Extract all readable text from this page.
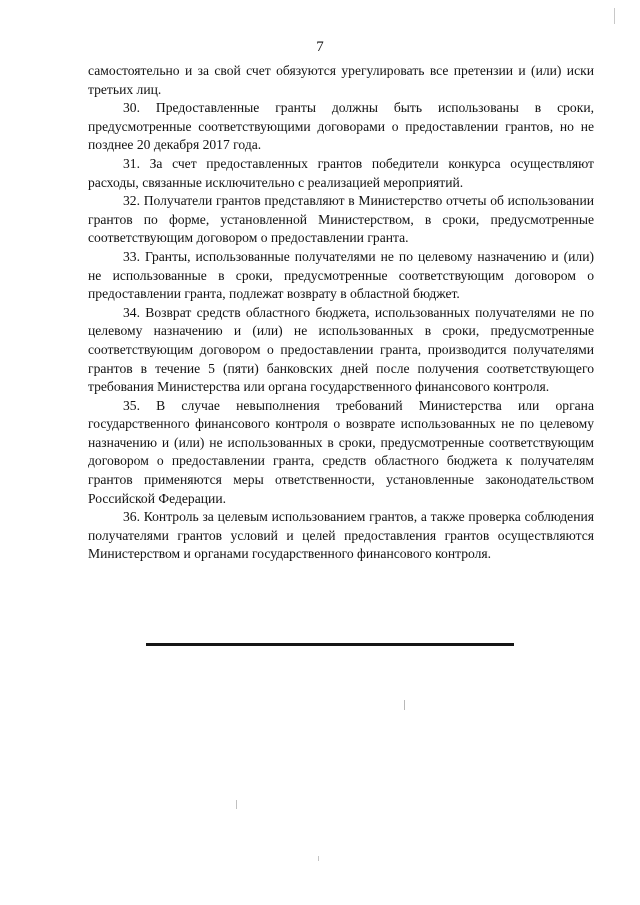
7

самостоятельно и за свой счет обязуются урегулировать все претензии и (или) иски третьих лиц.

30. Предоставленные гранты должны быть использованы в сроки, предусмотренные соответствующими договорами о предоставлении грантов, но не позднее 20 декабря 2017 года.

31. За счет предоставленных грантов победители конкурса осуществляют расходы, связанные исключительно с реализацией мероприятий.

32. Получатели грантов представляют в Министерство отчеты об использовании грантов по форме, установленной Министерством, в сроки, предусмотренные соответствующим договором о предоставлении гранта.

33. Гранты, использованные получателями не по целевому назначению и (или) не использованные в сроки, предусмотренные соответствующим договором о предоставлении гранта, подлежат возврату в областной бюджет.

34. Возврат средств областного бюджета, использованных получателями не по целевому назначению и (или) не использованных в сроки, предусмотренные соответствующим договором о предоставлении гранта, производится получателями грантов в течение 5 (пяти) банковских дней после получения соответствующего требования Министерства или органа государственного финансового контроля.

35. В случае невыполнения требований Министерства или органа государственного финансового контроля о возврате использованных не по целевому назначению и (или) не использованных в сроки, предусмотренные соответствующим договором о предоставлении гранта, средств областного бюджета к получателям грантов применяются меры ответственности, установленные законодательством Российской Федерации.

36. Контроль за целевым использованием грантов, а также проверка соблюдения получателями грантов условий и целей предоставления грантов осуществляются Министерством и органами государственного финансового контроля.
